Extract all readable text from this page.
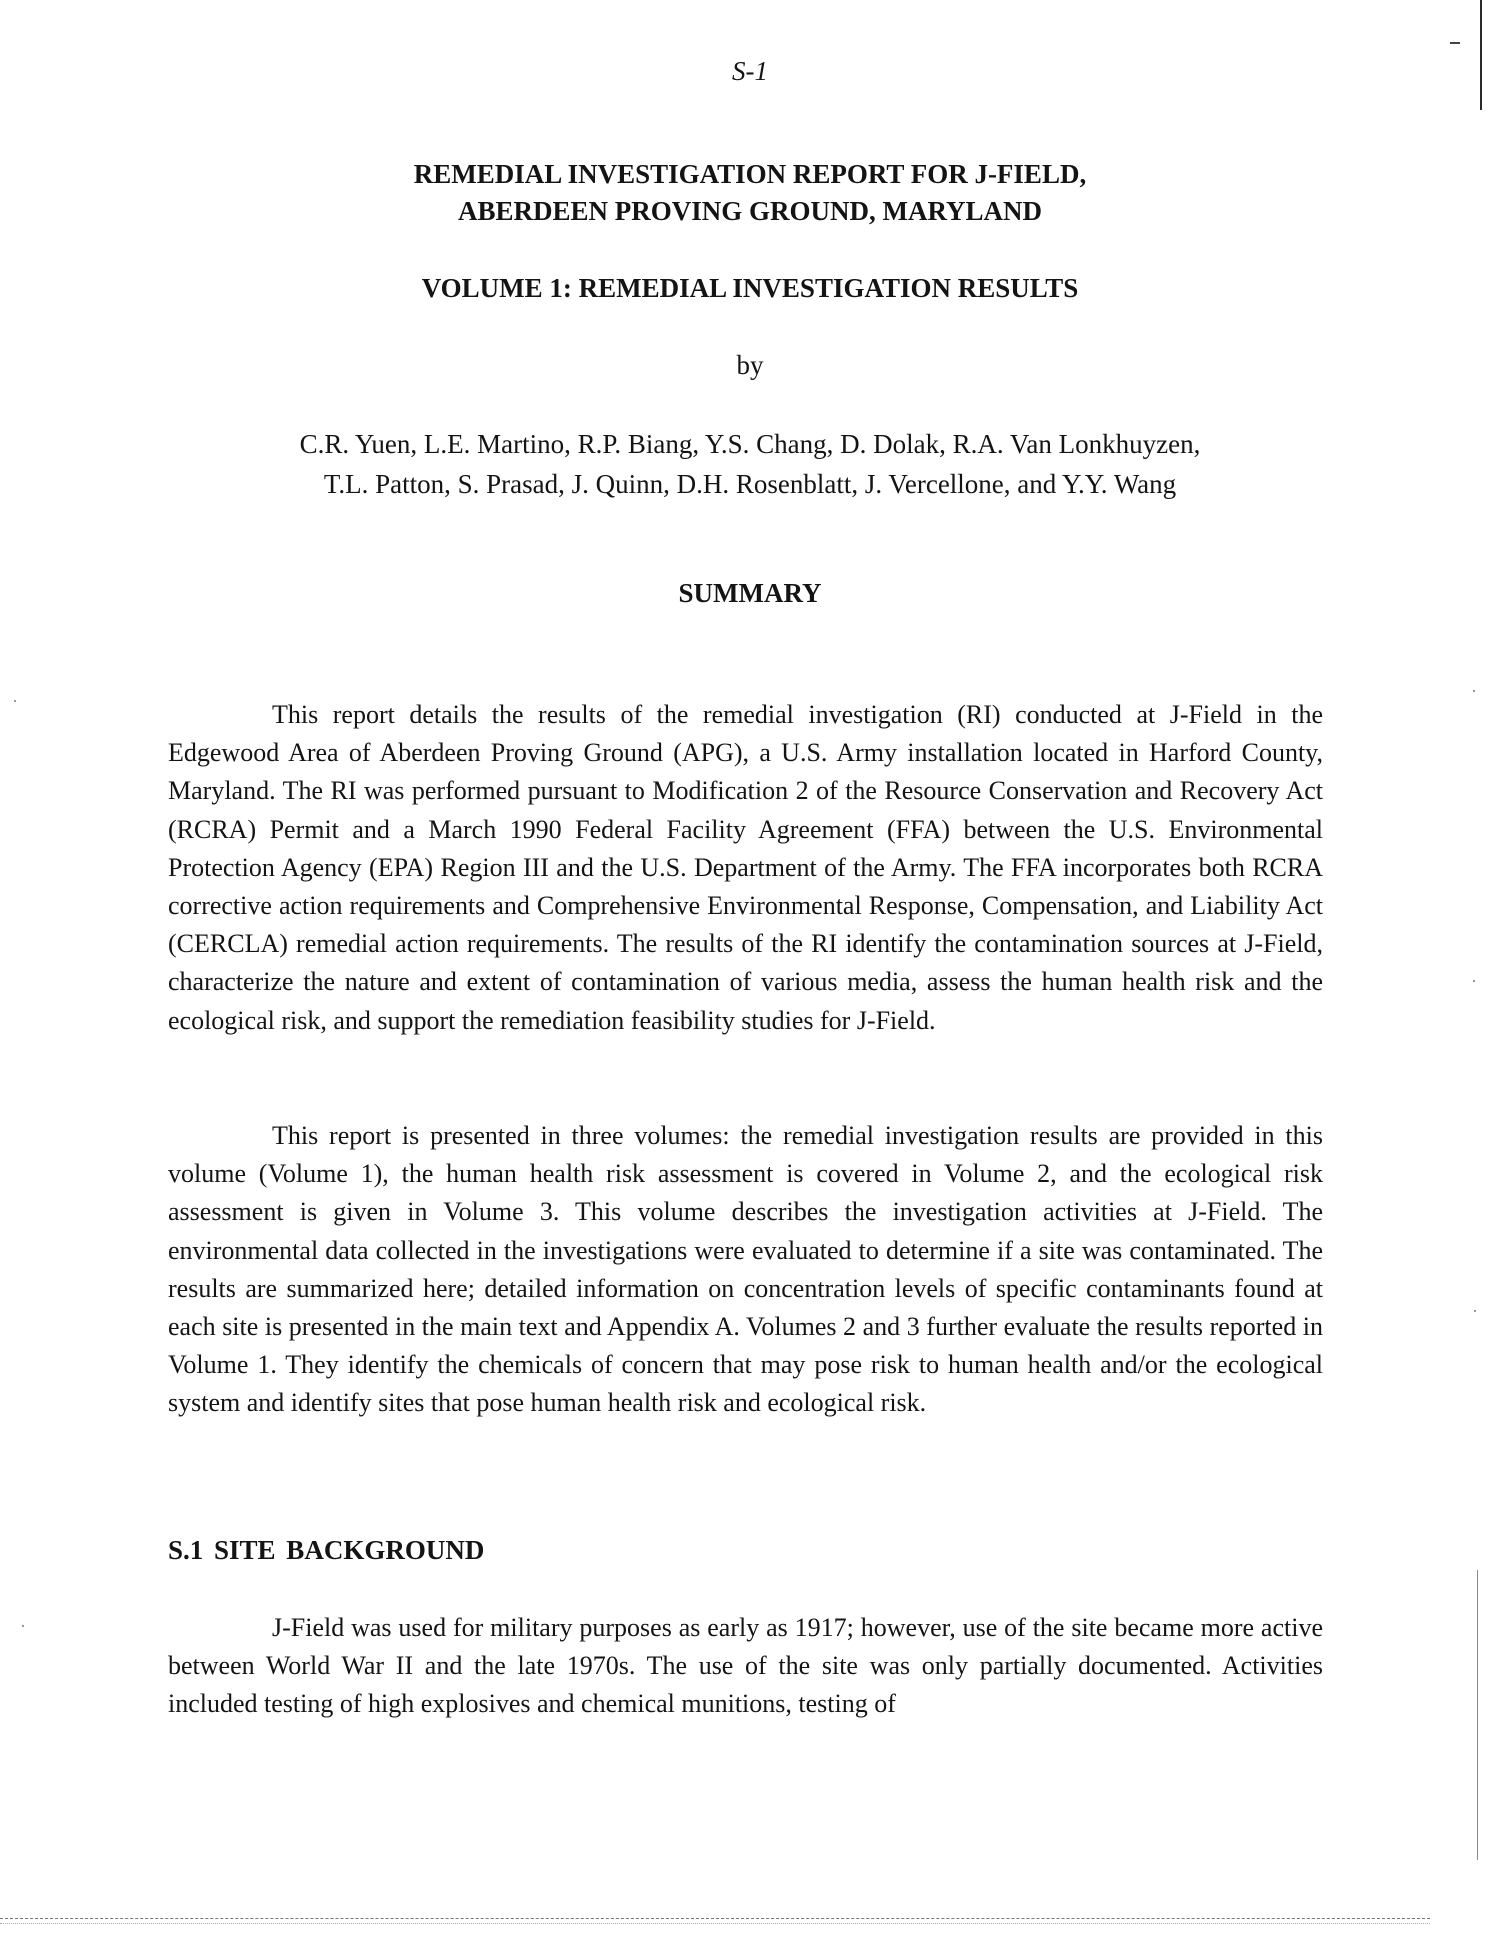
S-1
REMEDIAL INVESTIGATION REPORT FOR J-FIELD,
ABERDEEN PROVING GROUND, MARYLAND
VOLUME 1: REMEDIAL INVESTIGATION RESULTS
by
C.R. Yuen, L.E. Martino, R.P. Biang, Y.S. Chang, D. Dolak, R.A. Van Lonkhuyzen,
T.L. Patton, S. Prasad, J. Quinn, D.H. Rosenblatt, J. Vercellone, and Y.Y. Wang
SUMMARY

This report details the results of the remedial investigation (RI) conducted at J-Field in the Edgewood Area of Aberdeen Proving Ground (APG), a U.S. Army installation located in Harford County, Maryland. The RI was performed pursuant to Modification 2 of the Resource Conservation and Recovery Act (RCRA) Permit and a March 1990 Federal Facility Agreement (FFA) between the U.S. Environmental Protection Agency (EPA) Region III and the U.S. Department of the Army. The FFA incorporates both RCRA corrective action requirements and Comprehensive Environmental Response, Compensation, and Liability Act (CERCLA) remedial action requirements. The results of the RI identify the contamination sources at J-Field, characterize the nature and extent of contamination of various media, assess the human health risk and the ecological risk, and support the remediation feasibility studies for J-Field.

This report is presented in three volumes: the remedial investigation results are provided in this volume (Volume 1), the human health risk assessment is covered in Volume 2, and the ecological risk assessment is given in Volume 3. This volume describes the investigation activities at J-Field. The environmental data collected in the investigations were evaluated to determine if a site was contaminated. The results are summarized here; detailed information on concentration levels of specific contaminants found at each site is presented in the main text and Appendix A. Volumes 2 and 3 further evaluate the results reported in Volume 1. They identify the chemicals of concern that may pose risk to human health and/or the ecological system and identify sites that pose human health risk and ecological risk.

S.1 SITE BACKGROUND

J-Field was used for military purposes as early as 1917; however, use of the site became more active between World War II and the late 1970s. The use of the site was only partially documented. Activities included testing of high explosives and chemical munitions, testing of
